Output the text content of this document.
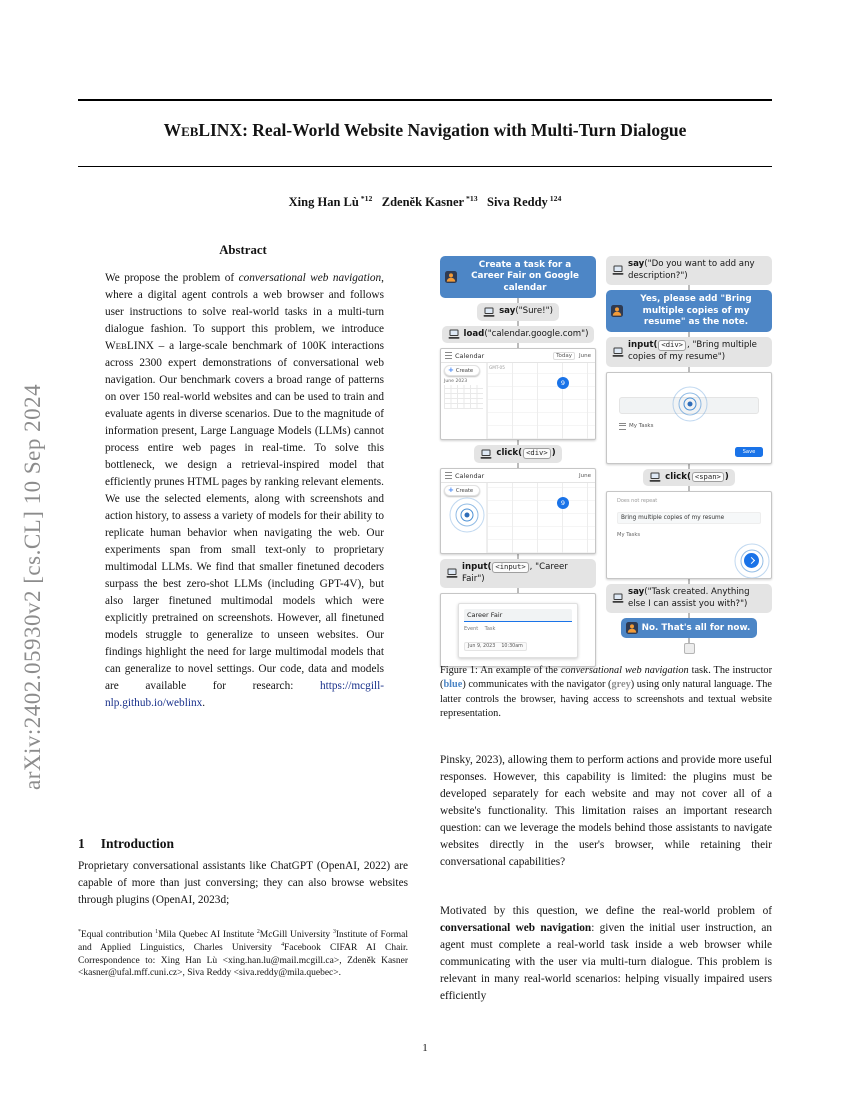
arXiv:2402.05930v2 [cs.CL] 10 Sep 2024
WEBLINX: Real-World Website Navigation with Multi-Turn Dialogue
Xing Han Lù $^{*12}$   Zdeněk Kasner $^{*13}$   Siva Reddy $^{124}$
Abstract
We propose the problem of conversational web navigation, where a digital agent controls a web browser and follows user instructions to solve real-world tasks in a multi-turn dialogue fashion. To support this problem, we introduce WEBLINX – a large-scale benchmark of 100K interactions across 2300 expert demonstrations of conversational web navigation. Our benchmark covers a broad range of patterns on over 150 real-world websites and can be used to train and evaluate agents in diverse scenarios. Due to the magnitude of information present, Large Language Models (LLMs) cannot process entire web pages in real-time. To solve this bottleneck, we design a retrieval-inspired model that efficiently prunes HTML pages by ranking relevant elements. We use the selected elements, along with screenshots and action history, to assess a variety of models for their ability to replicate human behavior when navigating the web. Our experiments span from small text-only to proprietary multimodal LLMs. We find that smaller finetuned decoders surpass the best zero-shot LLMs (including GPT-4V), but also larger finetuned multimodal models which were explicitly pretrained on screenshots. However, all finetuned models struggle to generalize to unseen websites. Our findings highlight the need for large multimodal models that can generalize to novel settings. Our code, data and models are available for research: https://mcgill-nlp.github.io/weblinx.
1 Introduction
Proprietary conversational assistants like ChatGPT (OpenAI, 2022) are capable of more than just conversing; they can also browse websites through plugins (OpenAI, 2023d;
*Equal contribution $^1$Mila Quebec AI Institute $^2$McGill University $^3$Institute of Formal and Applied Linguistics, Charles University $^4$Facebook CIFAR AI Chair. Correspondence to: Xing Han Lù <xing.han.lu@mail.mcgill.ca>, Zdeněk Kasner <kasner@ufal.mff.cuni.cz>, Siva Reddy <siva.reddy@mila.quebec>.
Create a task for a Career Fair on Google calendar
say("Sure!")
load("calendar.google.com")
Calendar	Today	June
+ Create
June 2023
GMT-05
9
click( <div> )
Calendar	June
+ Create
9
input( <input> , "Career Fair")
Career Fair
Event    Task
Jun 9, 2023    10:30am
say("Do you want to add any description?")
Yes, please add "Bring multiple copies of my resume" as the note.
input( <div> , "Bring multiple copies of my resume")
My Tasks
Save
click( <span> )
Does not repeat
Bring multiple copies of my resume
My Tasks
say("Task created. Anything else I can assist you with?")
No. That's all for now.
Figure 1: An example of the conversational web navigation task. The instructor (blue) communicates with the navigator (grey) using only natural language. The latter controls the browser, having access to screenshots and textual website representation.
Pinsky, 2023), allowing them to perform actions and provide more useful responses. However, this capability is limited: the plugins must be developed separately for each website and may not cover all of a website's functionality. This limitation raises an important research question: can we leverage the models behind those assistants to navigate websites directly in the user's browser, while retaining their conversational capabilities?
Motivated by this question, we define the real-world problem of conversational web navigation: given the initial user instruction, an agent must complete a real-world task inside a web browser while communicating with the user via multi-turn dialogue. This problem is relevant in many real-world scenarios: helping visually impaired users efficiently
1
